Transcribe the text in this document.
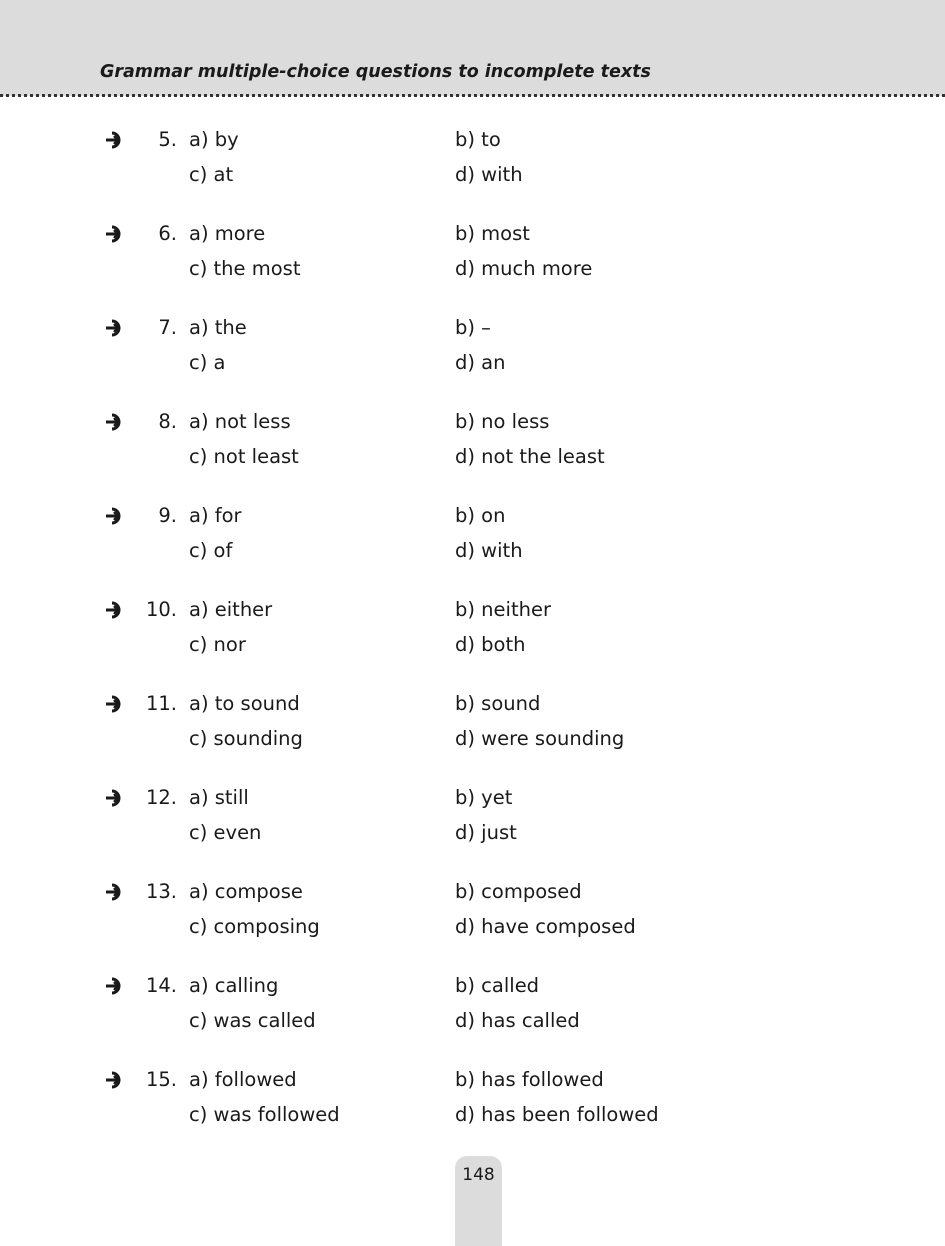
Grammar multiple-choice questions to incomplete texts
5. a) by	b) to
c) at	d) with
6. a) more	b) most
c) the most	d) much more
7. a) the	b) –
c) a	d) an
8. a) not less	b) no less
c) not least	d) not the least
9. a) for	b) on
c) of	d) with
10. a) either	b) neither
c) nor	d) both
11. a) to sound	b) sound
c) sounding	d) were sounding
12. a) still	b) yet
c) even	d) just
13. a) compose	b) composed
c) composing	d) have composed
14. a) calling	b) called
c) was called	d) has called
15. a) followed	b) has followed
c) was followed	d) has been followed
148
